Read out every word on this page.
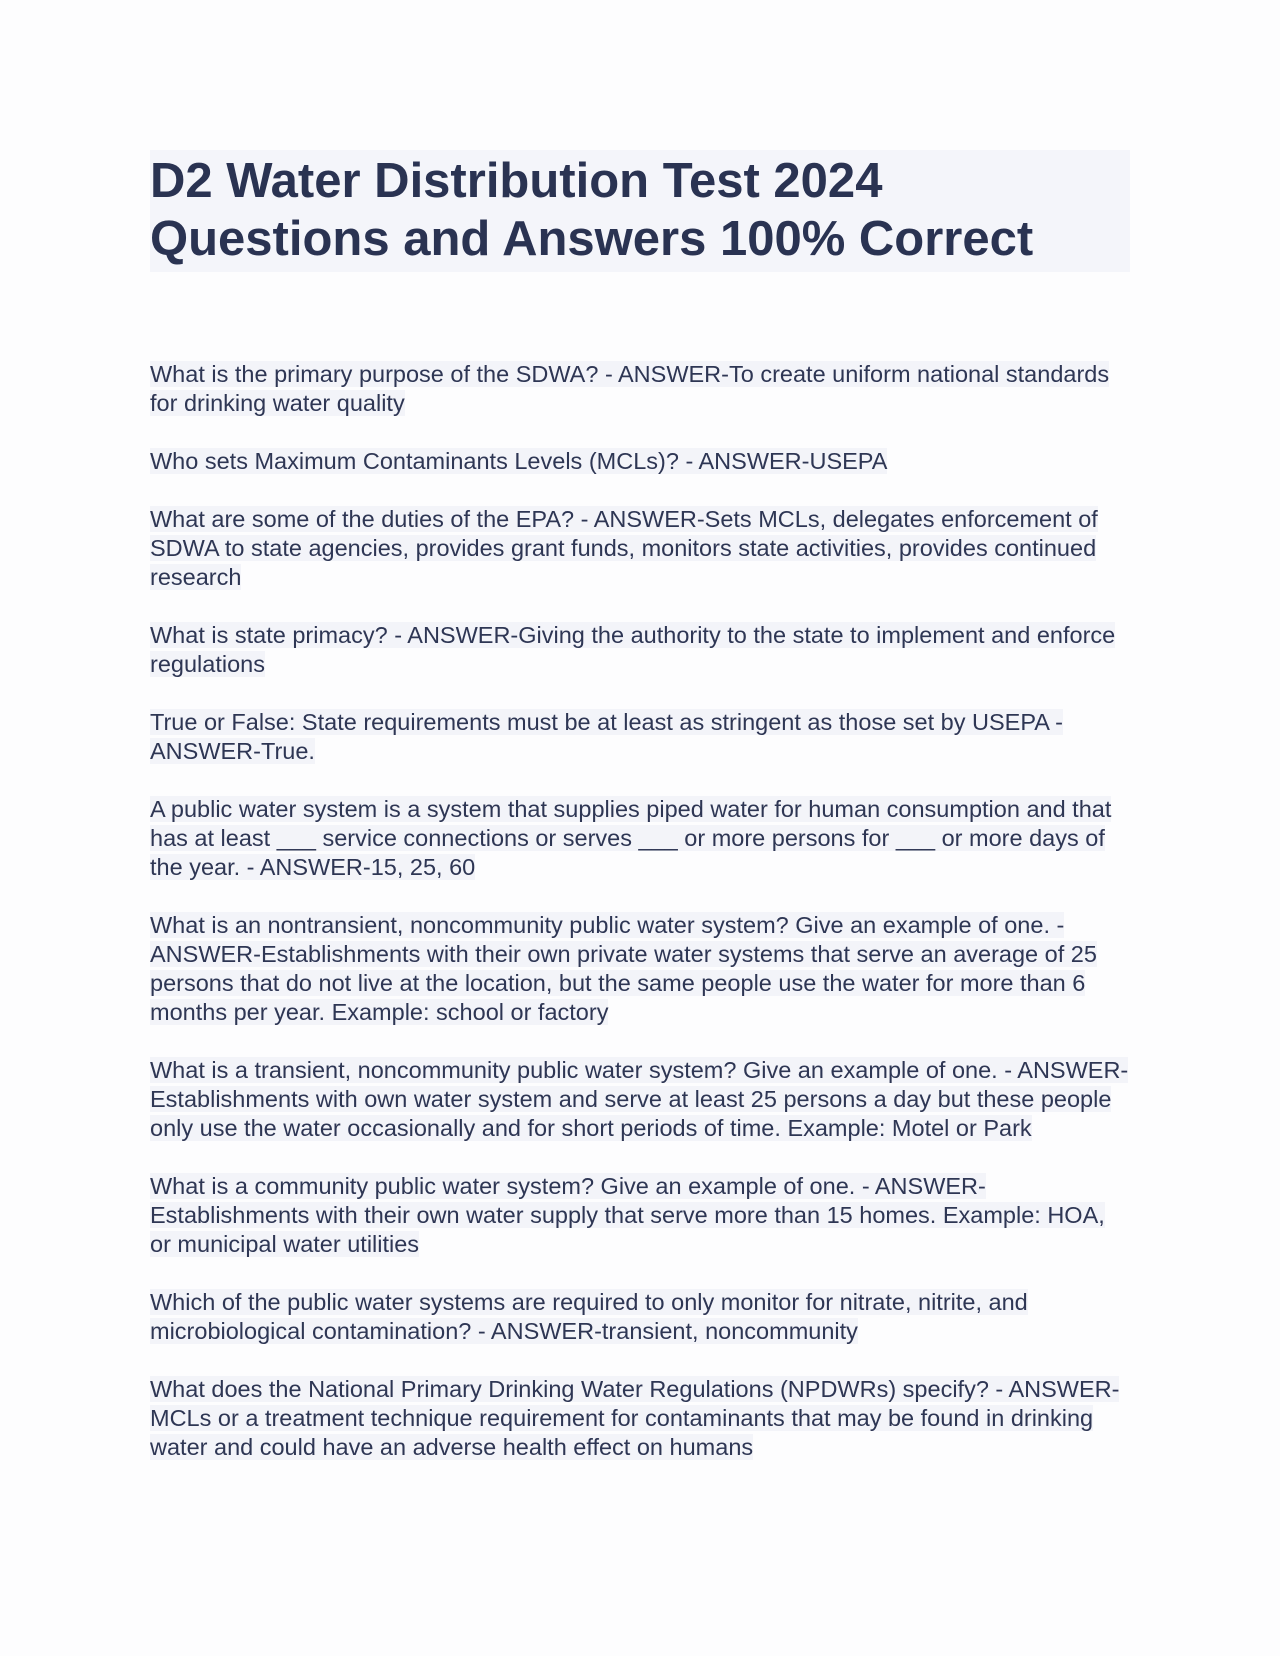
D2 Water Distribution Test 2024 Questions and Answers 100% Correct

What is the primary purpose of the SDWA? - ANSWER-To create uniform national standards for drinking water quality

Who sets Maximum Contaminants Levels (MCLs)? - ANSWER-USEPA

What are some of the duties of the EPA? - ANSWER-Sets MCLs, delegates enforcement of SDWA to state agencies, provides grant funds, monitors state activities, provides continued research

What is state primacy? - ANSWER-Giving the authority to the state to implement and enforce regulations

True or False: State requirements must be at least as stringent as those set by USEPA - ANSWER-True.

A public water system is a system that supplies piped water for human consumption and that has at least ___ service connections or serves ___ or more persons for ___ or more days of the year. - ANSWER-15, 25, 60

What is an nontransient, noncommunity public water system? Give an example of one. - ANSWER-Establishments with their own private water systems that serve an average of 25 persons that do not live at the location, but the same people use the water for more than 6 months per year. Example: school or factory

What is a transient, noncommunity public water system? Give an example of one. - ANSWER-Establishments with own water system and serve at least 25 persons a day but these people only use the water occasionally and for short periods of time. Example: Motel or Park

What is a community public water system? Give an example of one. - ANSWER-Establishments with their own water supply that serve more than 15 homes. Example: HOA, or municipal water utilities

Which of the public water systems are required to only monitor for nitrate, nitrite, and microbiological contamination? - ANSWER-transient, noncommunity

What does the National Primary Drinking Water Regulations (NPDWRs) specify? - ANSWER-MCLs or a treatment technique requirement for contaminants that may be found in drinking water and could have an adverse health effect on humans
